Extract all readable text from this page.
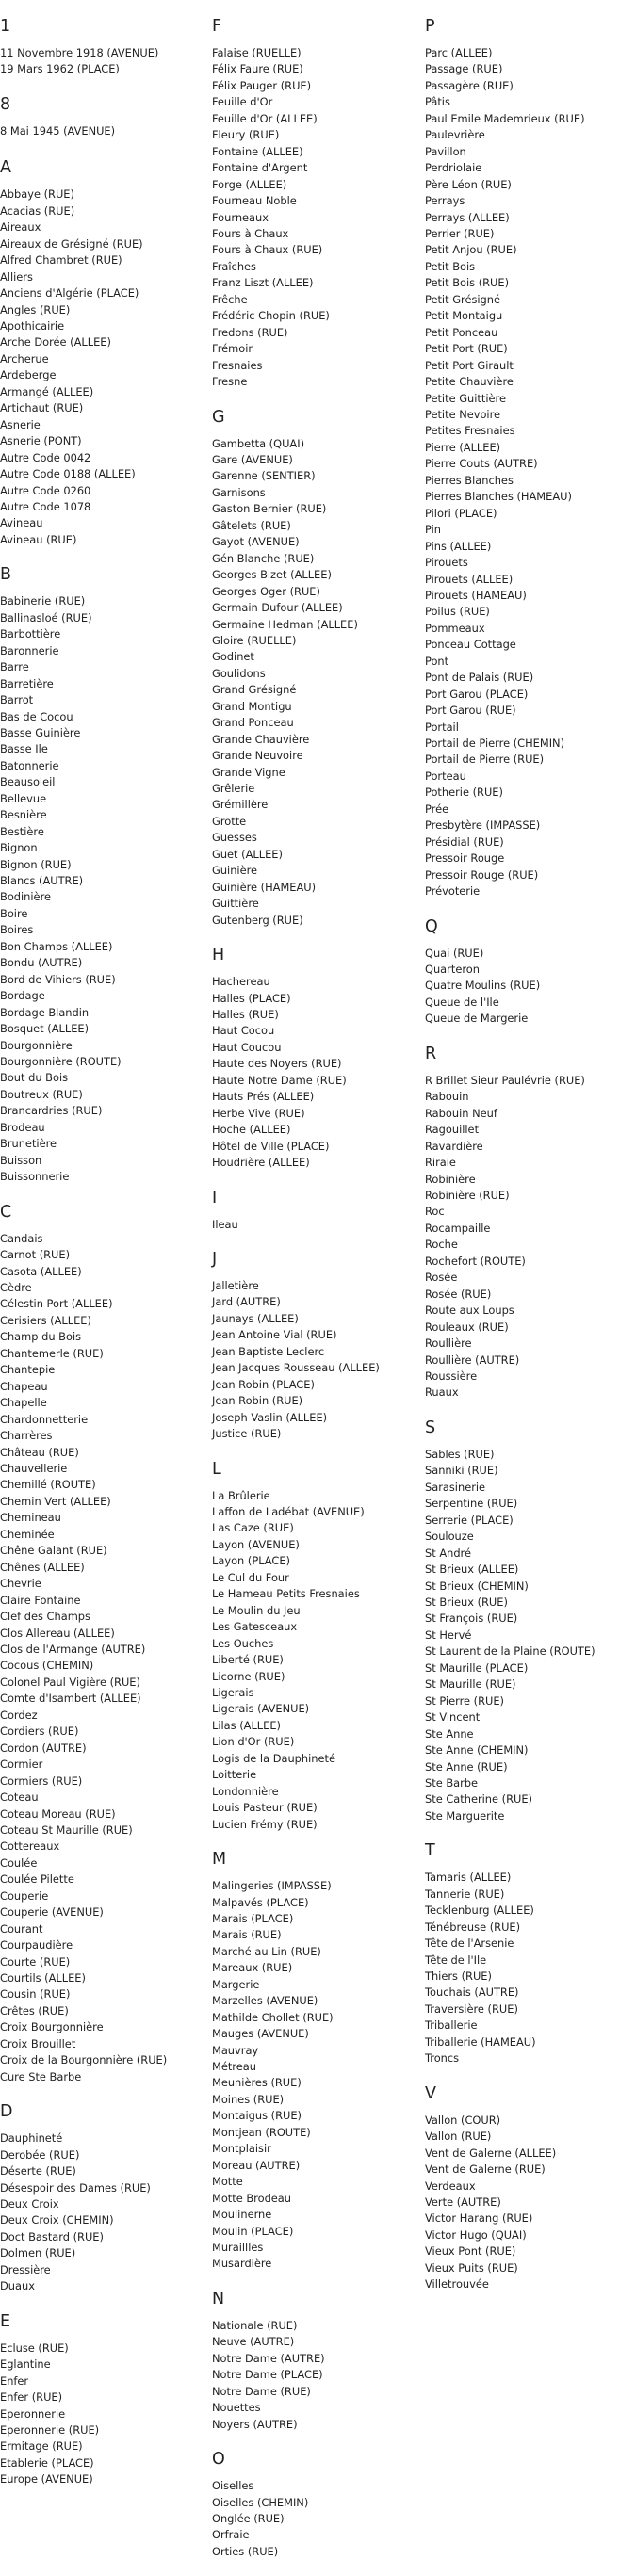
1
11 Novembre 1918 (AVENUE)
19 Mars 1962 (PLACE)
8
8 Mai 1945 (AVENUE)
A
Abbaye (RUE)
Acacias (RUE)
Aireaux
Aireaux de Grésigné (RUE)
Alfred Chambret (RUE)
Alliers
Anciens d'Algérie (PLACE)
Angles (RUE)
Apothicairie
Arche Dorée (ALLEE)
Archerue
Ardeberge
Armangé (ALLEE)
Artichaut (RUE)
Asnerie
Asnerie (PONT)
Autre Code 0042
Autre Code 0188 (ALLEE)
Autre Code 0260
Autre Code 1078
Avineau
Avineau (RUE)
B
Babinerie (RUE)
Ballinasloé (RUE)
Barbottière
Baronnerie
Barre
Barretière
Barrot
Bas de Cocou
Basse Guinière
Basse Ile
Batonnerie
Beausoleil
Bellevue
Besnière
Bestière
Bignon
Bignon (RUE)
Blancs (AUTRE)
Bodinière
Boire
Boires
Bon Champs (ALLEE)
Bondu (AUTRE)
Bord de Vihiers (RUE)
Bordage
Bordage Blandin
Bosquet (ALLEE)
Bourgonnière
Bourgonnière (ROUTE)
Bout du Bois
Boutreux (RUE)
Brancardries (RUE)
Brodeau
Brunetière
Buisson
Buissonnerie
C
Candais
Carnot (RUE)
Casota (ALLEE)
Cèdre
Célestin Port (ALLEE)
Cerisiers (ALLEE)
Champ du Bois
Chantemerle (RUE)
Chantepie
Chapeau
Chapelle
Chardonnetterie
Charrères
Château (RUE)
Chauvellerie
Chemillé (ROUTE)
Chemin Vert (ALLEE)
Chemineau
Cheminée
Chêne Galant (RUE)
Chênes (ALLEE)
Chevrie
Claire Fontaine
Clef des Champs
Clos Allereau (ALLEE)
Clos de l'Armange (AUTRE)
Cocous (CHEMIN)
Colonel Paul Vigière (RUE)
Comte d'Isambert (ALLEE)
Cordez
Cordiers (RUE)
Cordon (AUTRE)
Cormier
Cormiers (RUE)
Coteau
Coteau Moreau (RUE)
Coteau St Maurille (RUE)
Cottereaux
Coulée
Coulée Pilette
Couperie
Couperie (AVENUE)
Courant
Courpaudière
Courte (RUE)
Courtils (ALLEE)
Cousin (RUE)
Crêtes (RUE)
Croix Bourgonnière
Croix Brouillet
Croix de la Bourgonnière (RUE)
Cure Ste Barbe
D
Dauphineté
Derobée (RUE)
Déserte (RUE)
Désespoir des Dames (RUE)
Deux Croix
Deux Croix (CHEMIN)
Doct Bastard (RUE)
Dolmen (RUE)
Dressière
Duaux
E
Ecluse (RUE)
Eglantine
Enfer
Enfer (RUE)
Eperonnerie
Eperonnerie (RUE)
Ermitage (RUE)
Etablerie (PLACE)
Europe (AVENUE)
F
Falaise (RUELLE)
Félix Faure (RUE)
Félix Pauger (RUE)
Feuille d'Or
Feuille d'Or (ALLEE)
Fleury (RUE)
Fontaine (ALLEE)
Fontaine d'Argent
Forge (ALLEE)
Fourneau Noble
Fourneaux
Fours à Chaux
Fours à Chaux (RUE)
Fraîches
Franz Liszt (ALLEE)
Frêche
Frédéric Chopin (RUE)
Fredons (RUE)
Frémoir
Fresnaies
Fresne
G
Gambetta (QUAI)
Gare (AVENUE)
Garenne (SENTIER)
Garnisons
Gaston Bernier (RUE)
Gâtelets (RUE)
Gayot (AVENUE)
Gén Blanche (RUE)
Georges Bizet (ALLEE)
Georges Oger (RUE)
Germain Dufour (ALLEE)
Germaine Hedman (ALLEE)
Gloire (RUELLE)
Godinet
Goulidons
Grand Grésigné
Grand Montigu
Grand Ponceau
Grande Chauvière
Grande Neuvoire
Grande Vigne
Grêlerie
Grémillère
Grotte
Guesses
Guet (ALLEE)
Guinière
Guinière (HAMEAU)
Guittière
Gutenberg (RUE)
H
Hachereau
Halles (PLACE)
Halles (RUE)
Haut Cocou
Haut Coucou
Haute des Noyers (RUE)
Haute Notre Dame (RUE)
Hauts Prés (ALLEE)
Herbe Vive (RUE)
Hoche (ALLEE)
Hôtel de Ville (PLACE)
Houdrière (ALLEE)
I
Ileau
J
Jalletière
Jard (AUTRE)
Jaunays (ALLEE)
Jean Antoine Vial (RUE)
Jean Baptiste Leclerc
Jean Jacques Rousseau (ALLEE)
Jean Robin (PLACE)
Jean Robin (RUE)
Joseph Vaslin (ALLEE)
Justice (RUE)
L
La Brûlerie
Laffon de Ladébat (AVENUE)
Las Caze (RUE)
Layon (AVENUE)
Layon (PLACE)
Le Cul du Four
Le Hameau Petits Fresnaies
Le Moulin du Jeu
Les Gatesceaux
Les Ouches
Liberté (RUE)
Licorne (RUE)
Ligerais
Ligerais (AVENUE)
Lilas (ALLEE)
Lion d'Or (RUE)
Logis de la Dauphineté
Loitterie
Londonnière
Louis Pasteur (RUE)
Lucien Frémy (RUE)
M
Malingeries (IMPASSE)
Malpavés (PLACE)
Marais (PLACE)
Marais (RUE)
Marché au Lin (RUE)
Mareaux (RUE)
Margerie
Marzelles (AVENUE)
Mathilde Chollet (RUE)
Mauges (AVENUE)
Mauvray
Métreau
Meunières (RUE)
Moines (RUE)
Montaigus (RUE)
Montjean (ROUTE)
Montplaisir
Moreau (AUTRE)
Motte
Motte Brodeau
Moulinerne
Moulin (PLACE)
Muraillles
Musardière
N
Nationale (RUE)
Neuve (AUTRE)
Notre Dame (AUTRE)
Notre Dame (PLACE)
Notre Dame (RUE)
Nouettes
Noyers (AUTRE)
O
Oiselles
Oiselles (CHEMIN)
Onglée (RUE)
Orfraie
Orties (RUE)
P
Parc (ALLEE)
Passage (RUE)
Passagère (RUE)
Pâtis
Paul Emile Mademrieux (RUE)
Paulevrière
Pavillon
Perdriolaie
Père Léon (RUE)
Perrays
Perrays (ALLEE)
Perrier (RUE)
Petit Anjou (RUE)
Petit Bois
Petit Bois (RUE)
Petit Grésigné
Petit Montaigu
Petit Ponceau
Petit Port (RUE)
Petit Port Girault
Petite Chauvière
Petite Guittière
Petite Nevoire
Petites Fresnaies
Pierre (ALLEE)
Pierre Couts (AUTRE)
Pierres Blanches
Pierres Blanches (HAMEAU)
Pilori (PLACE)
Pin
Pins (ALLEE)
Pirouets
Pirouets (ALLEE)
Pirouets (HAMEAU)
Poilus (RUE)
Pommeaux
Ponceau Cottage
Pont
Pont de Palais (RUE)
Port Garou (PLACE)
Port Garou (RUE)
Portail
Portail de Pierre (CHEMIN)
Portail de Pierre (RUE)
Porteau
Potherie (RUE)
Prée
Presbytère (IMPASSE)
Présidial (RUE)
Pressoir Rouge
Pressoir Rouge (RUE)
Prévoterie
Q
Quai (RUE)
Quarteron
Quatre Moulins (RUE)
Queue de l'Ile
Queue de Margerie
R
R Brillet Sieur Paulévrie (RUE)
Rabouin
Rabouin Neuf
Ragouillet
Ravardière
Riraie
Robinière
Robinière (RUE)
Roc
Rocampaille
Roche
Rochefort (ROUTE)
Rosée
Rosée (RUE)
Route aux Loups
Rouleaux (RUE)
Roullière
Roullière (AUTRE)
Roussière
Ruaux
S
Sables (RUE)
Sanniki (RUE)
Sarasinerie
Serpentine (RUE)
Serrerie (PLACE)
Soulouze
St André
St Brieux (ALLEE)
St Brieux (CHEMIN)
St Brieux (RUE)
St François (RUE)
St Hervé
St Laurent de la Plaine (ROUTE)
St Maurille (PLACE)
St Maurille (RUE)
St Pierre (RUE)
St Vincent
Ste Anne
Ste Anne (CHEMIN)
Ste Anne (RUE)
Ste Barbe
Ste Catherine (RUE)
Ste Marguerite
T
Tamaris (ALLEE)
Tannerie (RUE)
Tecklenburg (ALLEE)
Ténébreuse (RUE)
Tête de l'Arsenie
Tête de l'Ile
Thiers (RUE)
Touchais (AUTRE)
Traversière (RUE)
Triballerie
Triballerie (HAMEAU)
Troncs
V
Vallon (COUR)
Vallon (RUE)
Vent de Galerne (ALLEE)
Vent de Galerne (RUE)
Verdeaux
Verte (AUTRE)
Victor Harang (RUE)
Victor Hugo (QUAI)
Vieux Pont (RUE)
Vieux Puits (RUE)
Villetrouvée
